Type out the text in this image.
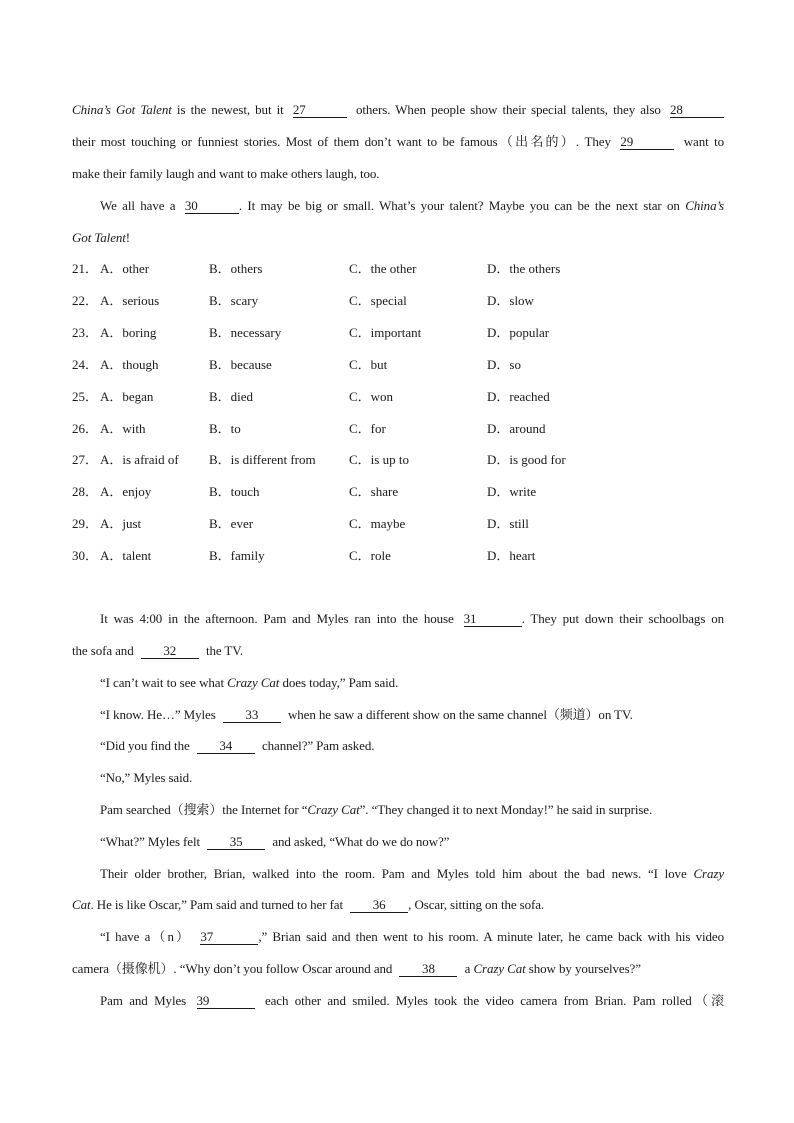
China’s Got Talent is the newest, but it 27	others. When people show their special talents, they also 28
their most touching or funniest stories. Most of them don’t want to be famous（出名的）. They 29	want to
make their family laugh and want to make others laugh, too.
We all have a 30	. It may be big or small. What’s your talent? Maybe you can be the next star on China’s
Got Talent!
21． A．other	B．others	C．the other	D．the others
22． A．serious	B．scary	C．special	D．slow
23． A．boring	B．necessary	C．important	D．popular
24． A．though	B．because	C．but	D．so
25． A．began	B．died	C．won	D．reached
26． A．with	B．to	C．for	D．around
27． A．is afraid of B．is different from	C．is up to	D．is good for
28． A．enjoy	B．touch	C．share	D．write
29． A．just	B．ever	C．maybe	D．still
30． A．talent	B．family	C．role	D．heart
It was 4:00 in the afternoon. Pam and Myles ran into the house 31	. They put down their schoolbags on
the sofa and 32 the TV.
“I can’t wait to see what Crazy Cat does today,” Pam said.
“I know. He…” Myles 33 when he saw a different show on the same channel（频道）on TV.
“Did you find the 34 channel?” Pam asked.
“No,” Myles said.
Pam searched（搜索）the Internet for “Crazy Cat”. “They changed it to next Monday!” he said in surprise.
“What?” Myles felt 35 and asked, “What do we do now?”
Their older brother, Brian, walked into the room. Pam and Myles told him about the bad news. “I love Crazy
Cat. He is like Oscar,” Pam said and turned to her fat 36 , Oscar, sitting on the sofa.
“I have a（n） 37	,” Brian said and then went to his room. A minute later, he came back with his video
camera（摄像机）. “Why don’t you follow Oscar around and 38 a Crazy Cat show by yourselves?”
Pam and Myles 39	each other and smiled. Myles took the video camera from Brian. Pam rolled（滚
